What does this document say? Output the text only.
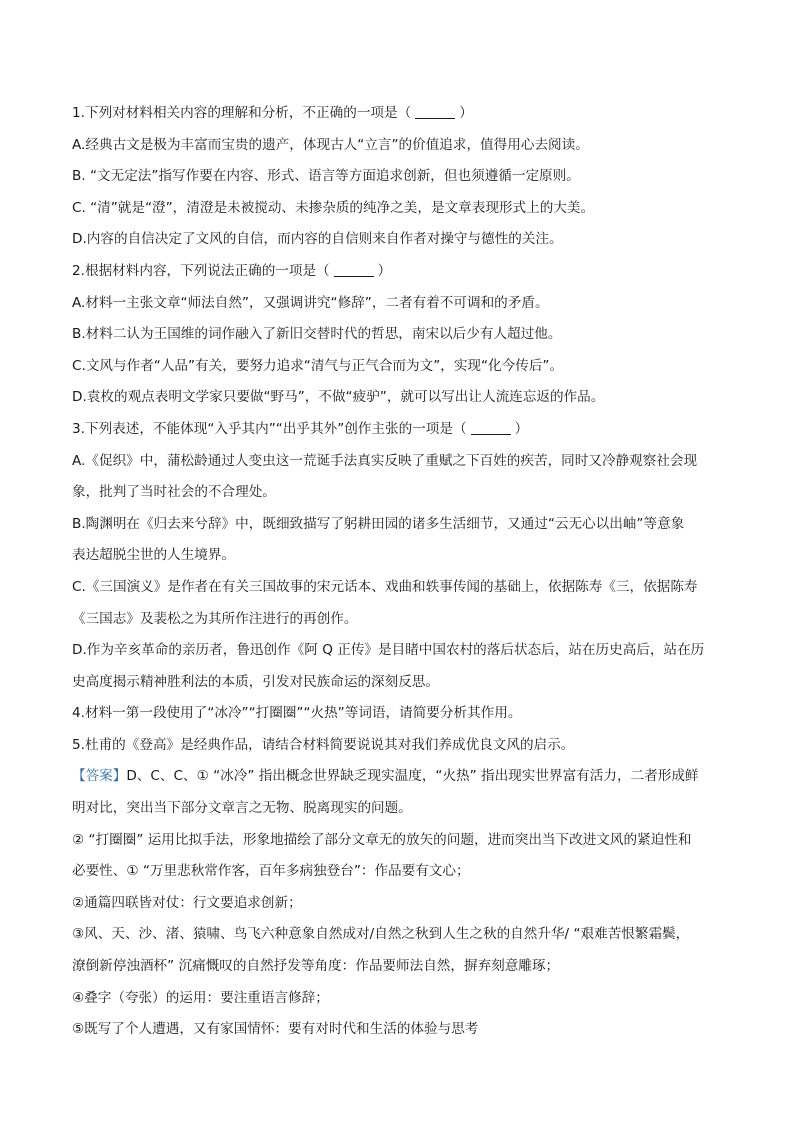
1.下列对材料相关内容的理解和分析，不正确的一项是（	）
A.经典古文是极为丰富而宝贵的遗产，体现古人“立言”的价值追求，值得用心去阅读。
B. “文无定法”指写作要在内容、形式、语言等方面追求创新，但也须遵循一定原则。
C. “清”就是“澄”，清澄是未被搅动、未掺杂质的纯净之美，是文章表现形式上的大美。
D.内容的自信决定了文风的自信，而内容的自信则来自作者对操守与德性的关注。
2.根据材料内容，下列说法正确的一项是（	）
A.材料一主张文章“师法自然”，又强调讲究“修辞”，二者有着不可调和的矛盾。
B.材料二认为王国维的词作融入了新旧交替时代的哲思，南宋以后少有人超过他。
C.文风与作者“人品”有关，要努力追求“清气与正气合而为文”，实现“化今传后”。
D.袁枚的观点表明文学家只要做“野马”，不做“疲驴”，就可以写出让人流连忘返的作品。
3.下列表述，不能体现“入乎其内”“出乎其外”创作主张的一项是（	）
A.《促织》中，蒲松龄通过人变虫这一荒诞手法真实反映了重赋之下百姓的疾苦，同时又冷静观察社会现
象，批判了当时社会的不合理处。
B.陶渊明在《归去来兮辞》中，既细致描写了躬耕田园的诸多生活细节，又通过“云无心以出岫”等意象
表达超脱尘世的人生境界。
C.《三国演义》是作者在有关三国故事的宋元话本、戏曲和轶事传闻的基础上，依据陈寿《三，依据陈寿
《三国志》及裴松之为其所作注进行的再创作。
D.作为辛亥革命的亲历者，鲁迅创作《阿 Q 正传》是目睹中国农村的落后状态后，站在历史高后，站在历
史高度揭示精神胜利法的本质，引发对民族命运的深刻反思。
4.材料一第一段使用了“冰冷”“打圈圈”“火热”等词语，请简要分析其作用。
5.杜甫的《登高》是经典作品，请结合材料简要说说其对我们养成优良文风的启示。
【答案】D、C、C、① “冰冷” 指出概念世界缺乏现实温度，“火热” 指出现实世界富有活力，二者形成鲜
明对比，突出当下部分文章言之无物、脱离现实的问题。
② “打圈圈” 运用比拟手法，形象地描绘了部分文章无的放矢的问题，进而突出当下改进文风的紧迫性和
必要性、① “万里悲秋常作客，百年多病独登台”：作品要有文心；
②通篇四联皆对仗：行文要追求创新；
③风、天、沙、渚、猿啸、鸟飞六种意象自然成对/自然之秋到人生之秋的自然升华/ “艰难苦恨繁霜鬓，
潦倒新停浊酒杯” 沉痛慨叹的自然抒发等角度：作品要师法自然，摒弃刻意雕琢；
④叠字（夸张）的运用：要注重语言修辞；
⑤既写了个人遭遇，又有家国情怀：要有对时代和生活的体验与思考
